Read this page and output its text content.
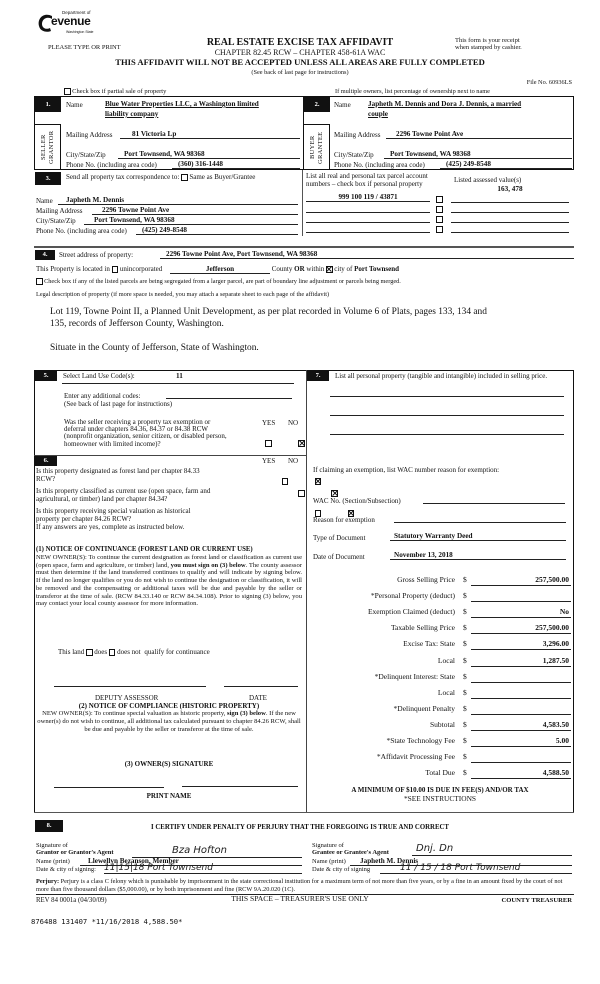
Department of
evenue
Washington State
PLEASE TYPE OR PRINT	REAL ESTATE EXCISE TAX AFFIDAVIT
CHAPTER 82.45 RCW – CHAPTER 458-61A WAC
This form is your receipt
when stamped by cashier.
THIS AFFIDAVIT WILL NOT BE ACCEPTED UNLESS ALL AREAS ARE FULLY COMPLETED
(See back of last page for instructions)
File No. 60936LS
Check box if partial sale of property	If multiple owners, list percentage of ownership next to name
1.
SELLER GRANTOR
Name	Blue Water Properties LLC, a Washington limited
liability company
Mailing Address	81 Victoria Lp
City/State/Zip	Port Townsend, WA 98368
Phone No. (including area code)	(360) 316-1448
2.
BUYER GRANTEE
Name Japheth M. Dennis and Dora J. Dennis, a married
couple
Mailing Address	2296 Towne Point Ave
City/State/Zip	Port Townsend, WA 98368
Phone No. (including area code)	(425) 249-8548
3.	Send all property tax correspondence to: Same as Buyer/Grantee
Name	Japheth M. Dennis
Mailing Address	2296 Towne Point Ave
City/State/Zip	Port Townsend, WA 98368
Phone No. (including area code)	(425) 249-8548
List all real and personal tax parcel account
numbers – check box if personal property	Listed assessed value(s)
999 100 119 / 43871
163, 478
4.	Street address of property:	2296 Towne Point Ave, Port Townsend, WA 98368
This Property is located in unincorporated	Jefferson	County OR within city of Port Townsend
Check box if any of the listed parcels are being segregated from a larger parcel, are part of boundary line adjustment or parcels being merged.
Legal description of property (if more space is needed, you may attach a separate sheet to each page of the affidavit)
Lot 119, Towne Point II, a Planned Unit Development, as per plat recorded in Volume 6 of Plats, pages 133, 134 and
135, records of Jefferson County, Washington.
Situate in the County of Jefferson, State of Washington.
5.	Select Land Use Code(s):	11
Enter any additional codes:
(See back of last page for instructions)
Was the seller receiving a property tax exemption or
deferral under chapters 84.36, 84.37 or 84.38 RCW
(nonprofit organization, senior citizen, or disabled person,
homeowner with limited income)?
YES NO

6.	YES NO
Is this property designated as forest land per chapter 84.33
RCW?

Is this property classified as current use (open space, farm and
agricultural, or timber) land per chapter 84.34?

Is this property receiving special valuation as historical
property per chapter 84.26 RCW?
If any answers are yes, complete as instructed below.

(1) NOTICE OF CONTINUANCE (FOREST LAND OR CURRENT USE)
NEW OWNER(S): To continue the current designation as forest land or classification as current use (open space, farm and agriculture, or timber) land, you must sign on (3) below. The county assessor must then determine if the land transferred continues to qualify and will indicate by signing below. If the land no longer qualifies or you do not wish to continue the designation or classification, it will be removed and the compensating or additional taxes will be due and payable by the seller or transferor at the time of sale. (RCW 84.33.140 or RCW 84.34.108). Prior to signing (3) below, you may contact your local county assessor for more information.
This land does does not qualify for continuance
DEPUTY ASSESSOR	DATE
(2) NOTICE OF COMPLIANCE (HISTORIC PROPERTY)
NEW OWNER(S): To continue special valuation as historic property, sign (3) below. If the new owner(s) do not wish to continue, all additional tax calculated pursuant to chapter 84.26 RCW, shall be due and payable by the seller or transferor at the time of sale.
(3) OWNER(S) SIGNATURE
PRINT NAME
7.	List all personal property (tangible and intangible) included in selling price.
If claiming an exemption, list WAC number reason for exemption:
WAC No. (Section/Subsection)
Reason for exemption
Type of Document	Statutory Warranty Deed
Date of Document	November 13, 2018
Gross Selling Price $	257,500.00
*Personal Property (deduct) $
Exemption Claimed (deduct) $	No
Taxable Selling Price $	257,500.00
Excise Tax: State $	3,296.00
Local $	1,287.50
*Delinquent Interest: State $
Local $
*Delinquent Penalty $
Subtotal $	4,583.50
*State Technology Fee $	5.00
*Affidavit Processing Fee $
Total Due $	4,588.50
A MINIMUM OF $10.00 IS DUE IN FEE(S) AND/OR TAX
*SEE INSTRUCTIONS
8.	I CERTIFY UNDER PENALTY OF PERJURY THAT THE FOREGOING IS TRUE AND CORRECT
Signature of
Grantor or Grantor's Agent	Bza Hofton
Name (print)	Llewellyn Bezanson, Member
Date & city of signing: 11|15|18 Port Townsend
Signature of
Grantee or Grantee's Agent	Dnj. Dn
Name (print)	Japheth M. Dennis
Date & city of signing	11 / 15 / 18 Port Townsend
Perjury: Perjury is a class C felony which is punishable by imprisonment in the state correctional institution for a maximum term of not more than five years, or by a fine in an amount fixed by the court of not more than five thousand dollars ($5,000.00), or by both imprisonment and fine (RCW 9A.20.020 (1C).
REV 84 0001a (04/30/09)	THIS SPACE – TREASURER'S USE ONLY	COUNTY TREASURER
876488 131407 *11/16/2018 4,588.50*
